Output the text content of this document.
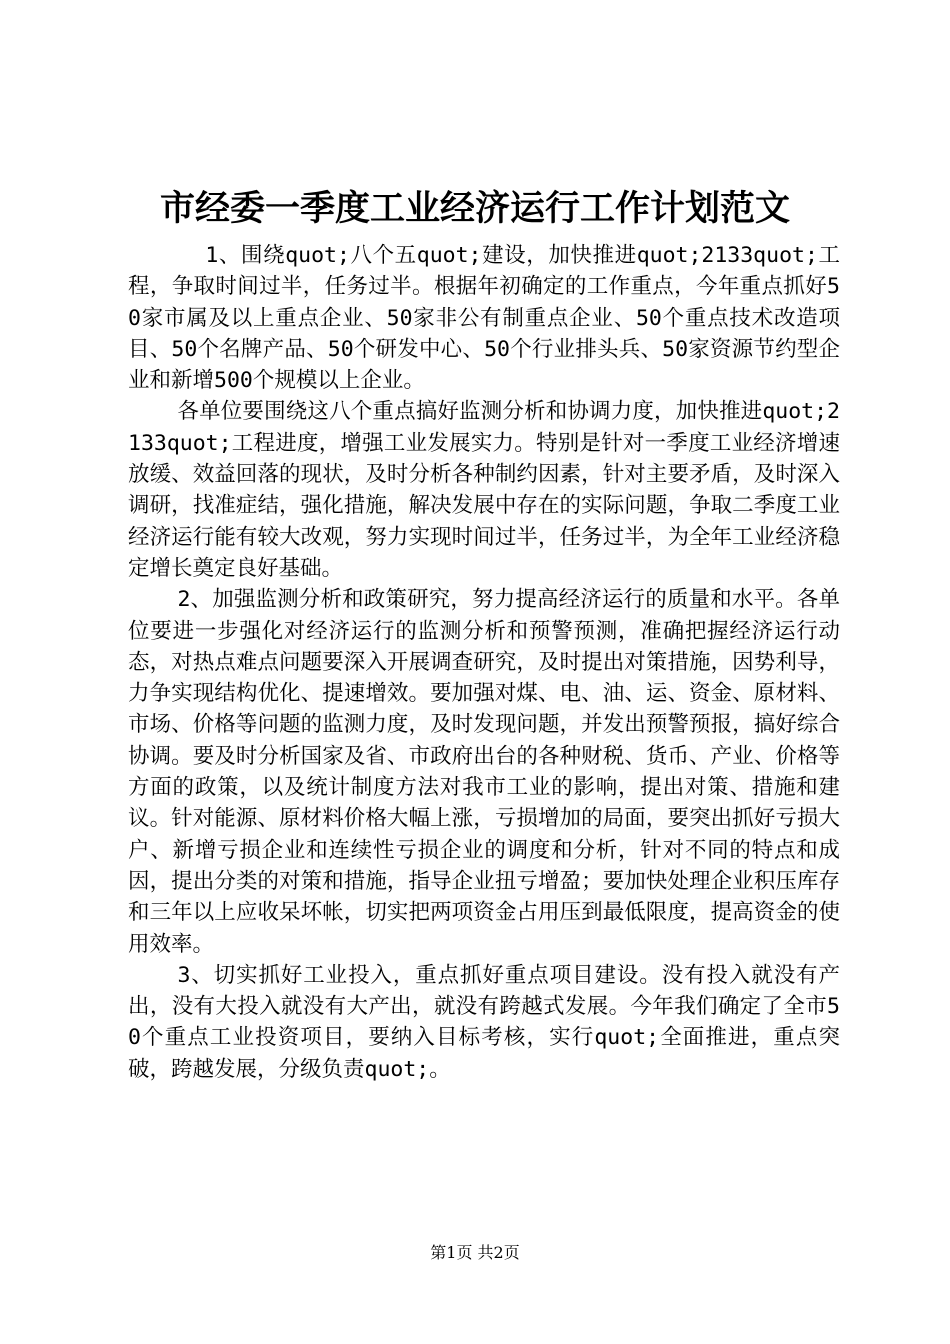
市经委一季度工业经济运行工作计划范文

1、围绕quot;八个五quot;建设，加快推进quot;2133quot;工程，争取时间过半，任务过半。根据年初确定的工作重点，今年重点抓好50家市属及以上重点企业、50家非公有制重点企业、50个重点技术改造项目、50个名牌产品、50个研发中心、50个行业排头兵、50家资源节约型企业和新增500个规模以上企业。

各单位要围绕这八个重点搞好监测分析和协调力度，加快推进quot;2133quot;工程进度，增强工业发展实力。特别是针对一季度工业经济增速放缓、效益回落的现状，及时分析各种制约因素，针对主要矛盾，及时深入调研，找准症结，强化措施，解决发展中存在的实际问题，争取二季度工业经济运行能有较大改观，努力实现时间过半，任务过半，为全年工业经济稳定增长奠定良好基础。

2、加强监测分析和政策研究，努力提高经济运行的质量和水平。各单位要进一步强化对经济运行的监测分析和预警预测，准确把握经济运行动态，对热点难点问题要深入开展调查研究，及时提出对策措施，因势利导，力争实现结构优化、提速增效。要加强对煤、电、油、运、资金、原材料、市场、价格等问题的监测力度，及时发现问题，并发出预警预报，搞好综合协调。要及时分析国家及省、市政府出台的各种财税、货币、产业、价格等方面的政策，以及统计制度方法对我市工业的影响，提出对策、措施和建议。针对能源、原材料价格大幅上涨，亏损增加的局面，要突出抓好亏损大户、新增亏损企业和连续性亏损企业的调度和分析，针对不同的特点和成因，提出分类的对策和措施，指导企业扭亏增盈；要加快处理企业积压库存和三年以上应收呆坏帐，切实把两项资金占用压到最低限度，提高资金的使用效率。

3、切实抓好工业投入，重点抓好重点项目建设。没有投入就没有产出，没有大投入就没有大产出，就没有跨越式发展。今年我们确定了全市50个重点工业投资项目，要纳入目标考核，实行quot;全面推进，重点突破，跨越发展，分级负责quot;。

第1页 共2页
